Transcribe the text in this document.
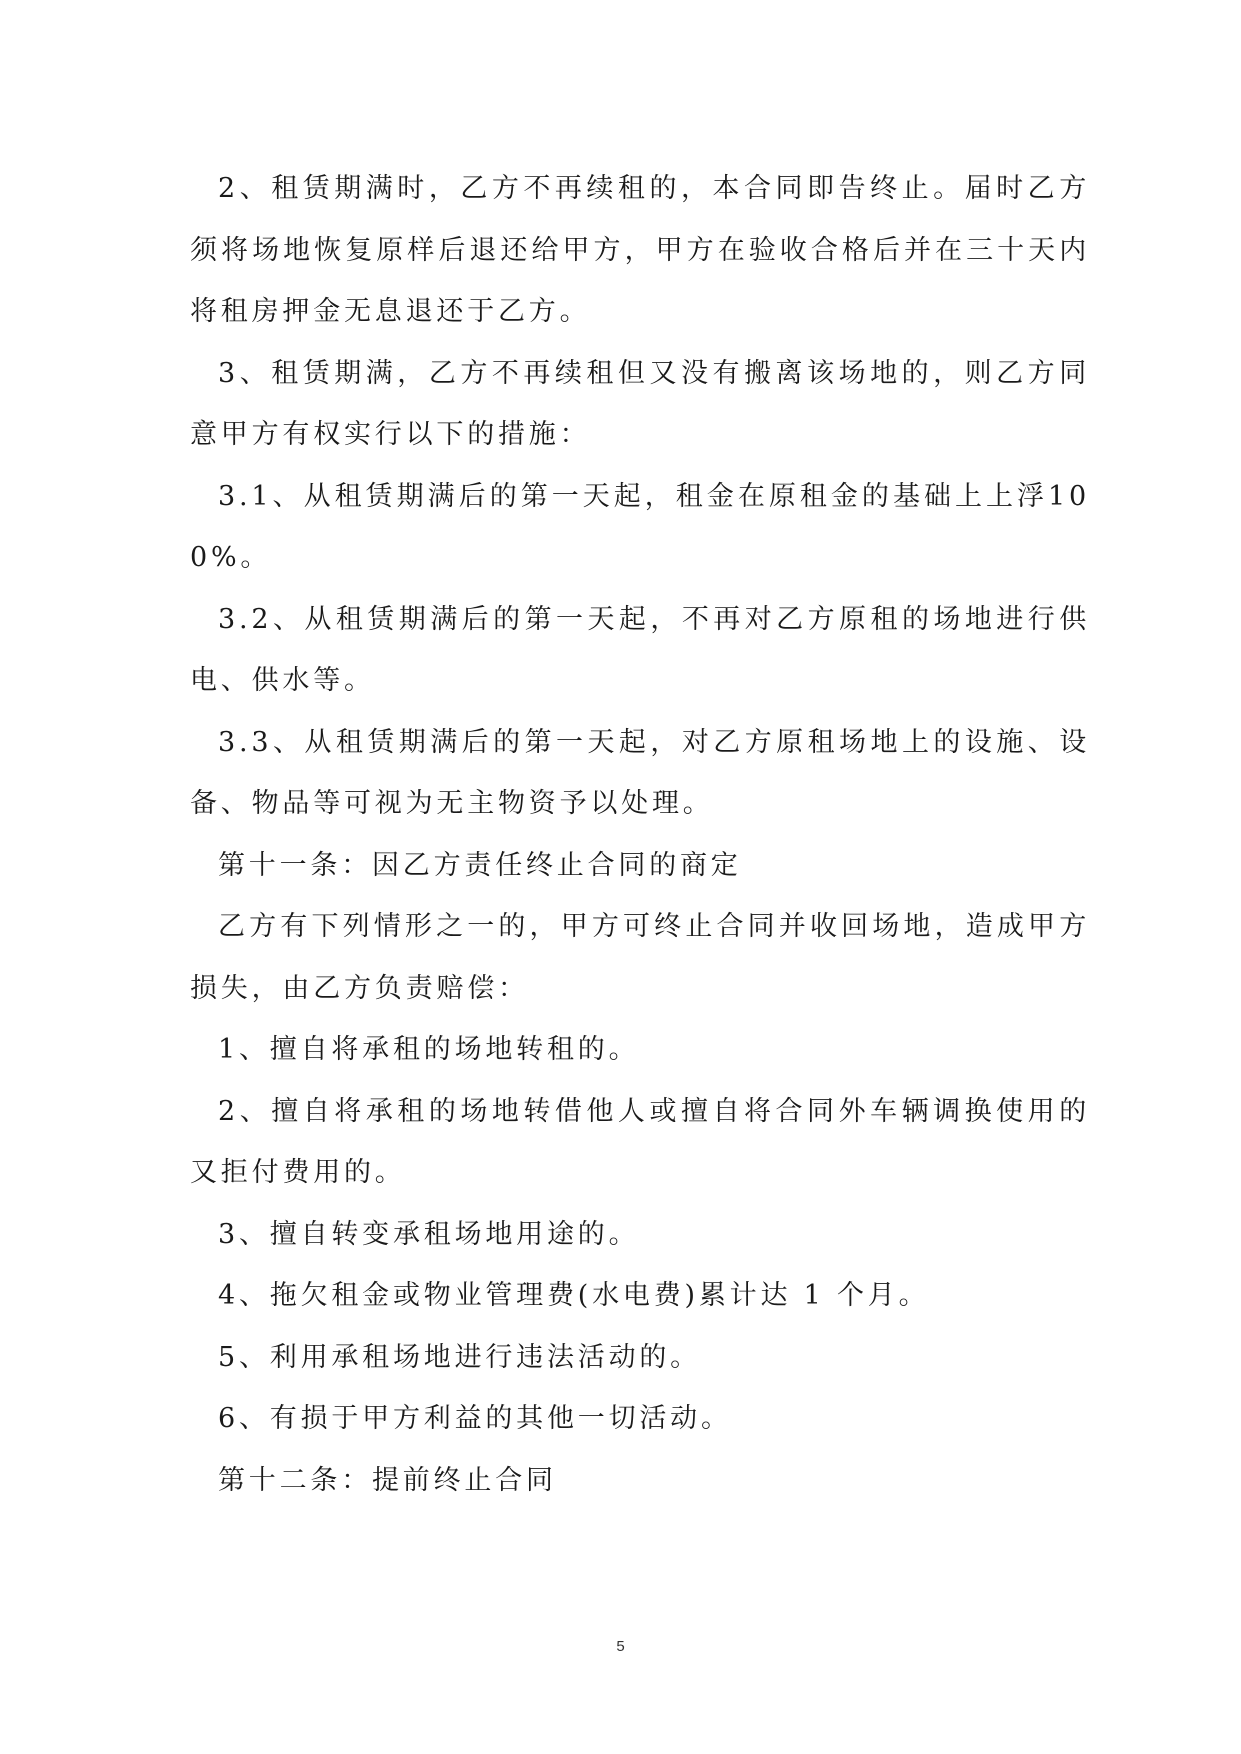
2、租赁期满时，乙方不再续租的，本合同即告终止。届时乙方须将场地恢复原样后退还给甲方，甲方在验收合格后并在三十天内将租房押金无息退还于乙方。

3、租赁期满，乙方不再续租但又没有搬离该场地的，则乙方同意甲方有权实行以下的措施：

3.1、从租赁期满后的第一天起，租金在原租金的基础上上浮100%。

3.2、从租赁期满后的第一天起，不再对乙方原租的场地进行供电、供水等。

3.3、从租赁期满后的第一天起，对乙方原租场地上的设施、设备、物品等可视为无主物资予以处理。

第十一条：因乙方责任终止合同的商定

乙方有下列情形之一的，甲方可终止合同并收回场地，造成甲方损失，由乙方负责赔偿：

1、擅自将承租的场地转租的。

2、擅自将承租的场地转借他人或擅自将合同外车辆调换使用的又拒付费用的。

3、擅自转变承租场地用途的。

4、拖欠租金或物业管理费(水电费)累计达 1 个月。

5、利用承租场地进行违法活动的。

6、有损于甲方利益的其他一切活动。

第十二条：提前终止合同

5
